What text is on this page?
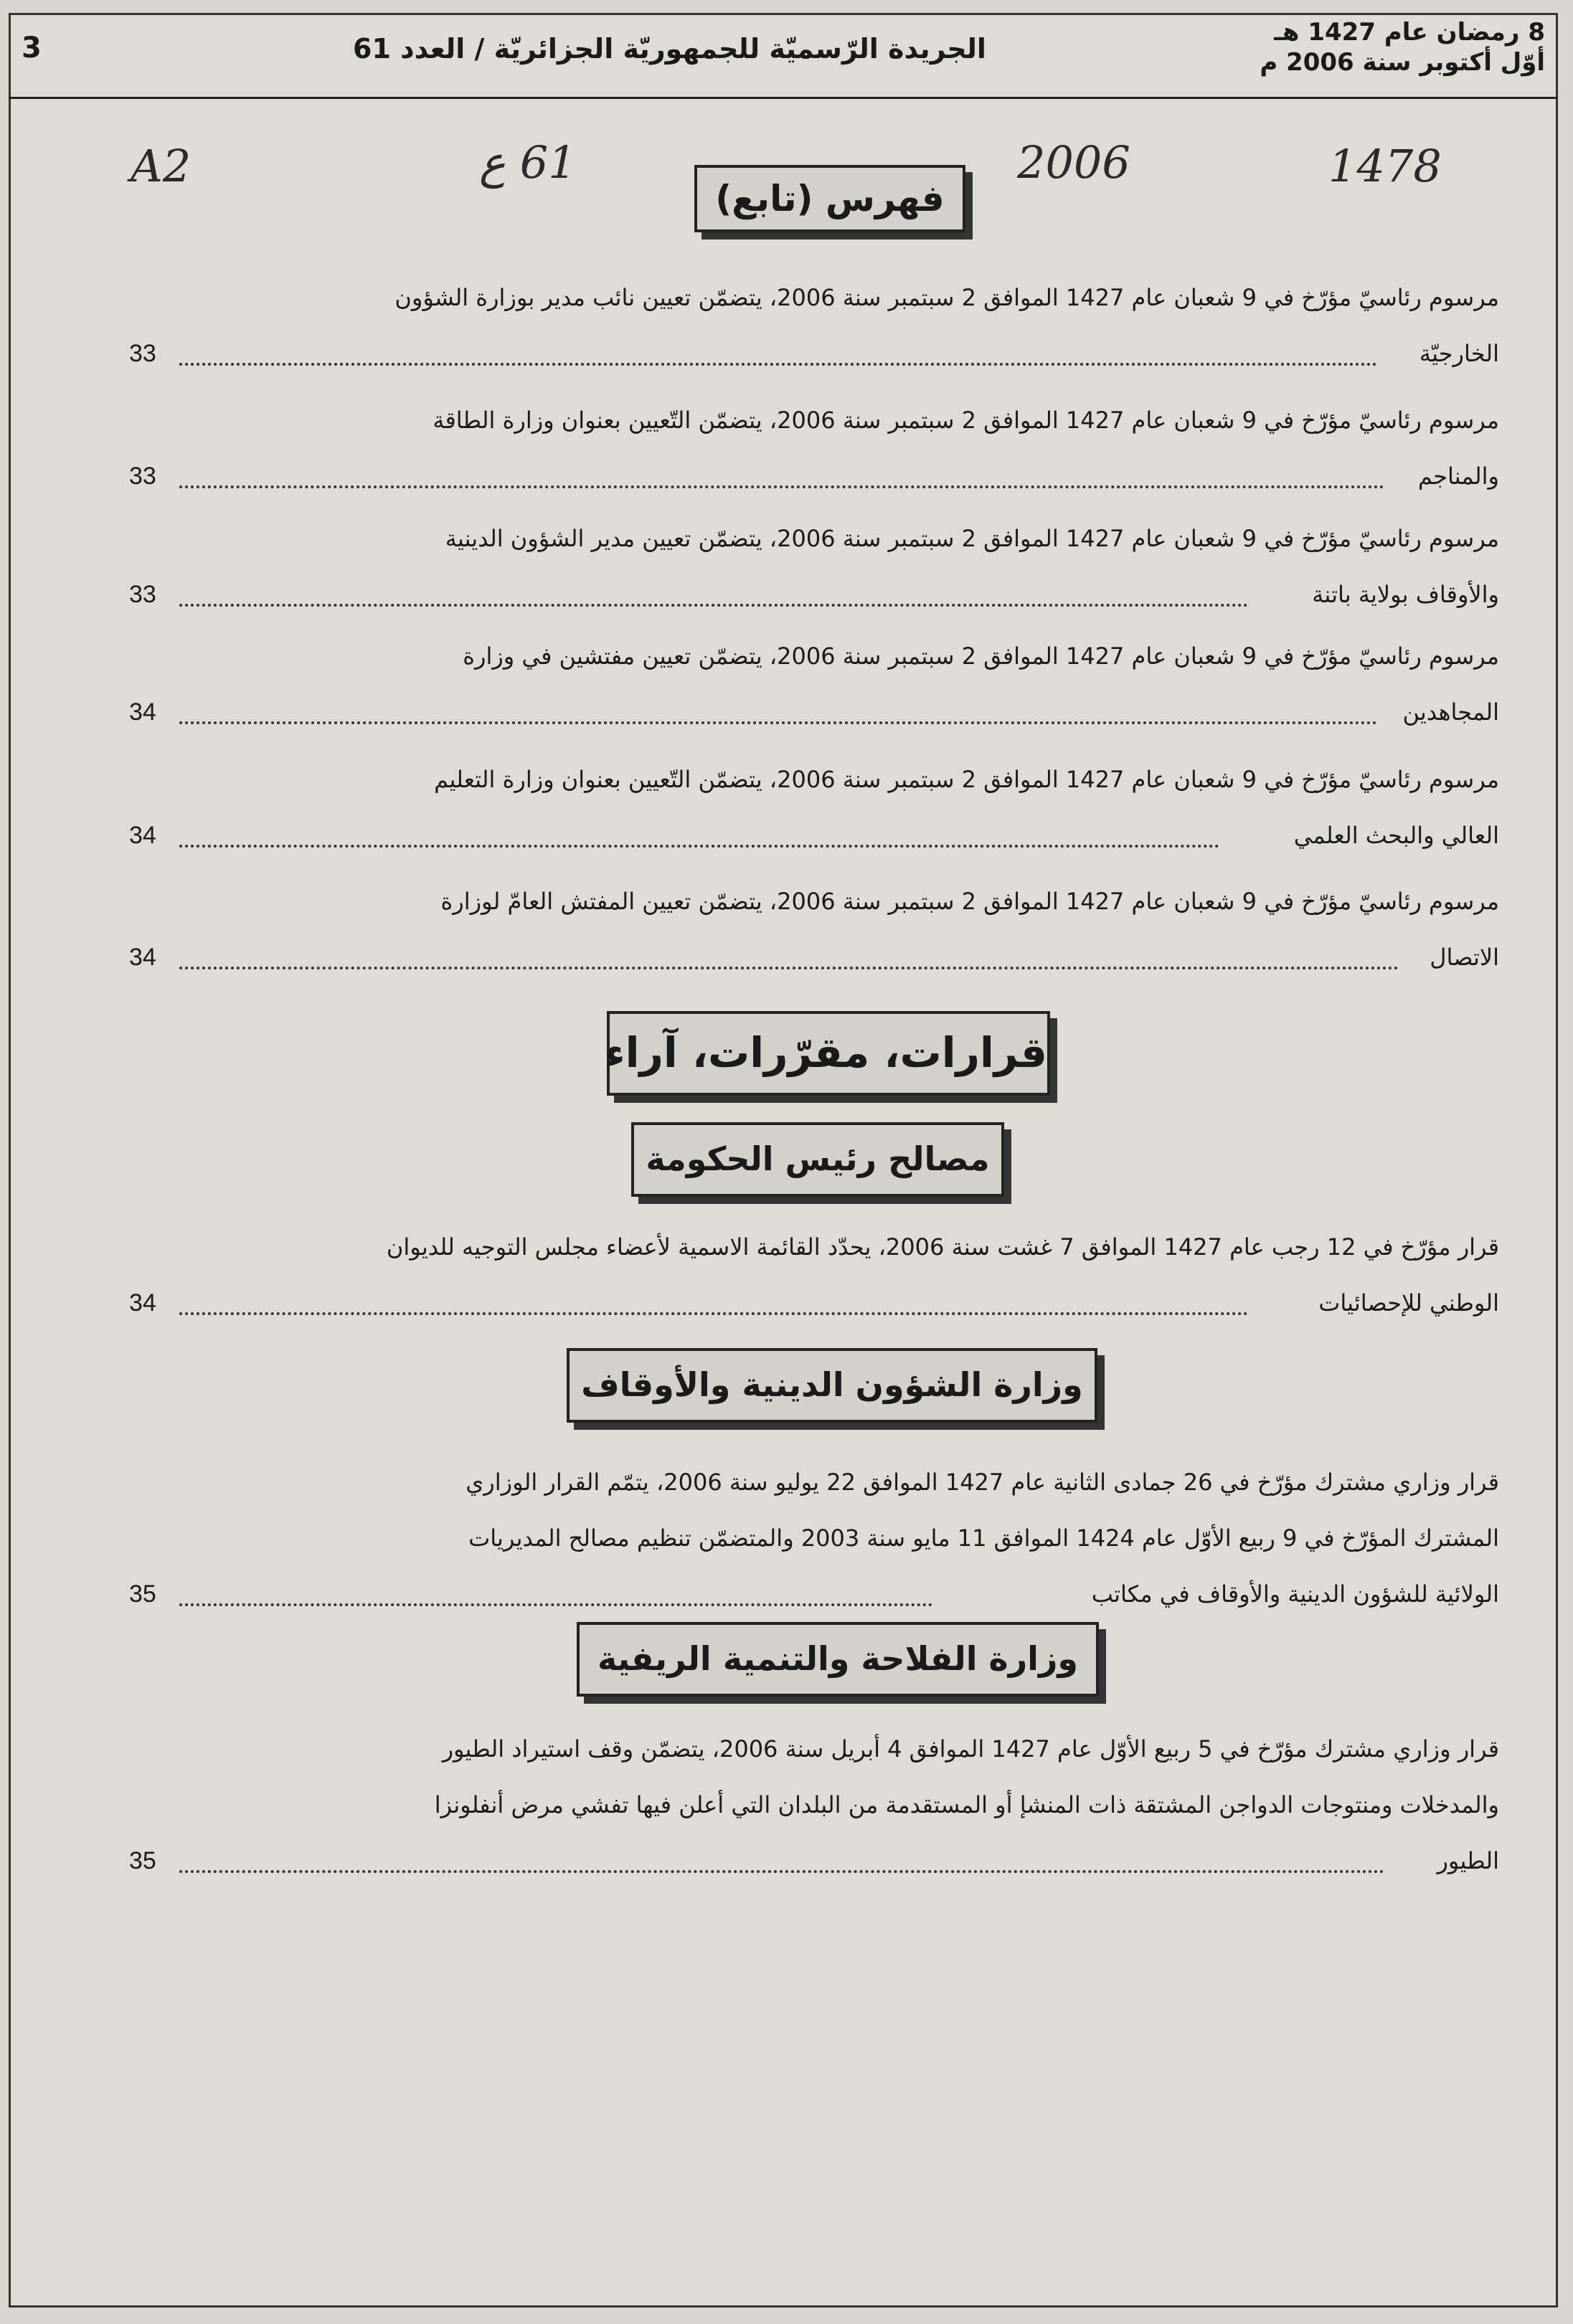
8 رمضان عام 1427 هـ
أوّل أكتوبر سنة 2006 م
الجريدة الرّسميّة للجمهوريّة الجزائريّة / العدد 61
3
A2	61 ع	2006	1478
فهرس (تابع)
مرسوم رئاسيّ مؤرّخ في 9 شعبان عام 1427 الموافق 2 سبتمبر سنة 2006، يتضمّن تعيين نائب مدير بوزارة الشؤون
الخارجيّة
33
مرسوم رئاسيّ مؤرّخ في 9 شعبان عام 1427 الموافق 2 سبتمبر سنة 2006، يتضمّن التّعيين بعنوان وزارة الطاقة
والمناجم
33
مرسوم رئاسيّ مؤرّخ في 9 شعبان عام 1427 الموافق 2 سبتمبر سنة 2006، يتضمّن تعيين مدير الشؤون الدينية
والأوقاف بولاية باتنة
33
مرسوم رئاسيّ مؤرّخ في 9 شعبان عام 1427 الموافق 2 سبتمبر سنة 2006، يتضمّن تعيين مفتشين في وزارة
المجاهدين
34
مرسوم رئاسيّ مؤرّخ في 9 شعبان عام 1427 الموافق 2 سبتمبر سنة 2006، يتضمّن التّعيين بعنوان وزارة التعليم
العالي والبحث العلمي
34
مرسوم رئاسيّ مؤرّخ في 9 شعبان عام 1427 الموافق 2 سبتمبر سنة 2006، يتضمّن تعيين المفتش العامّ لوزارة
الاتصال
34
قرارات، مقرّرات، آراء
مصالح رئيس الحكومة
قرار مؤرّخ في 12 رجب عام 1427 الموافق 7 غشت سنة 2006، يحدّد القائمة الاسمية لأعضاء مجلس التوجيه للديوان
الوطني للإحصائيات
34
وزارة الشؤون الدينية والأوقاف
قرار وزاري مشترك مؤرّخ في 26 جمادى الثانية عام 1427 الموافق 22 يوليو سنة 2006، يتمّم القرار الوزاري
المشترك المؤرّخ في 9 ربيع الأوّل عام 1424 الموافق 11 مايو سنة 2003 والمتضمّن تنظيم مصالح المديريات
الولائية للشؤون الدينية والأوقاف في مكاتب
35
وزارة الفلاحة والتنمية الريفية
قرار وزاري مشترك مؤرّخ في 5 ربيع الأوّل عام 1427 الموافق 4 أبريل سنة 2006، يتضمّن وقف استيراد الطيور
والمدخلات ومنتوجات الدواجن المشتقة ذات المنشإ أو المستقدمة من البلدان التي أعلن فيها تفشي مرض أنفلونزا
الطيور
35
